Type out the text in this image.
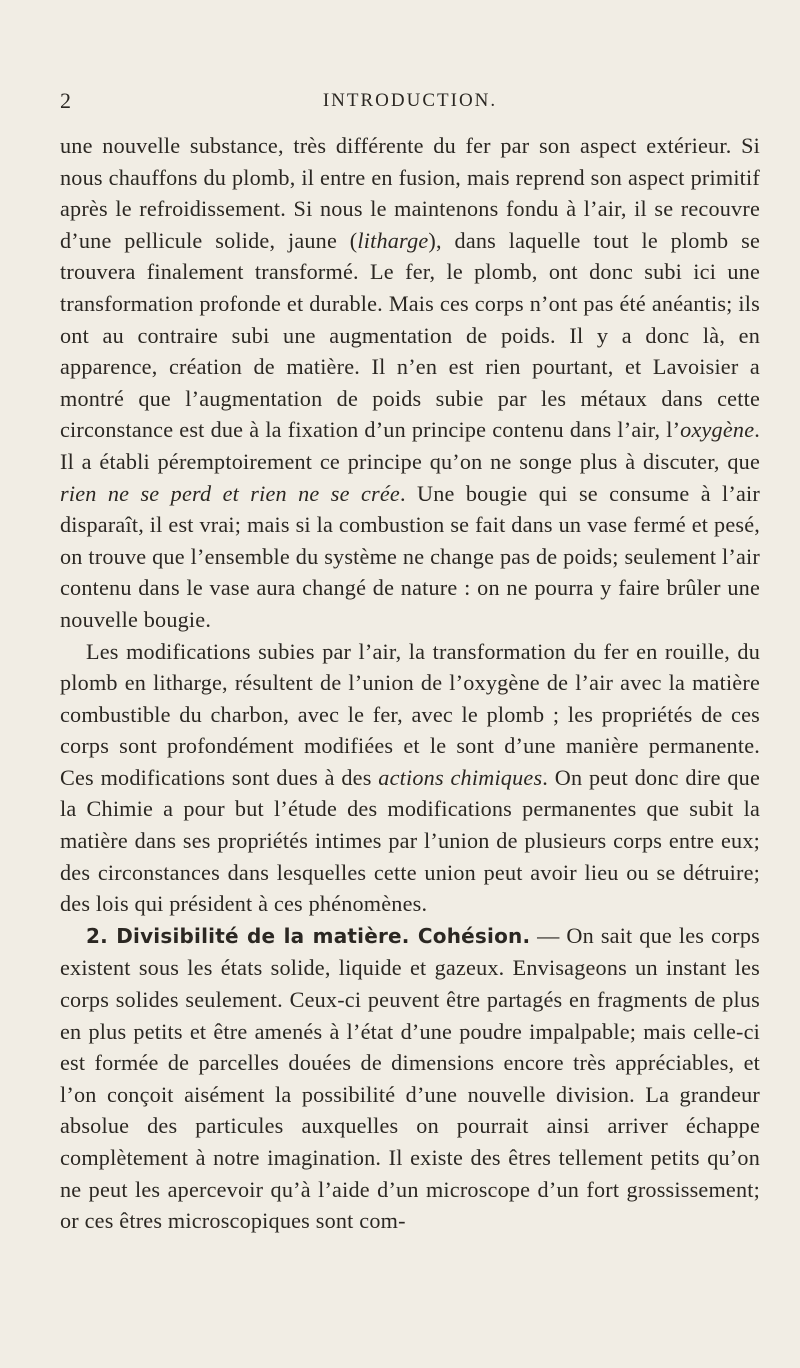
2	INTRODUCTION.

une nouvelle substance, très différente du fer par son aspect extérieur. Si nous chauffons du plomb, il entre en fusion, mais reprend son aspect primitif après le refroidissement. Si nous le maintenons fondu à l’air, il se recouvre d’une pellicule solide, jaune (litharge), dans laquelle tout le plomb se trouvera finalement transformé. Le fer, le plomb, ont donc subi ici une transformation profonde et durable. Mais ces corps n’ont pas été anéantis; ils ont au contraire subi une augmentation de poids. Il y a donc là, en apparence, création de matière. Il n’en est rien pourtant, et Lavoisier a montré que l’augmentation de poids subie par les métaux dans cette circonstance est due à la fixation d’un principe contenu dans l’air, l’oxygène. Il a établi péremptoirement ce principe qu’on ne songe plus à discuter, que rien ne se perd et rien ne se crée. Une bougie qui se consume à l’air disparaît, il est vrai; mais si la combustion se fait dans un vase fermé et pesé, on trouve que l’ensemble du système ne change pas de poids; seulement l’air contenu dans le vase aura changé de nature : on ne pourra y faire brûler une nouvelle bougie.

Les modifications subies par l’air, la transformation du fer en rouille, du plomb en litharge, résultent de l’union de l’oxygène de l’air avec la matière combustible du charbon, avec le fer, avec le plomb ; les propriétés de ces corps sont profondément modifiées et le sont d’une manière permanente. Ces modifications sont dues à des actions chimiques. On peut donc dire que la Chimie a pour but l’étude des modifications permanentes que subit la matière dans ses propriétés intimes par l’union de plusieurs corps entre eux; des circonstances dans lesquelles cette union peut avoir lieu ou se détruire; des lois qui président à ces phénomènes.

2. Divisibilité de la matière. Cohésion. — On sait que les corps existent sous les états solide, liquide et gazeux. Envisageons un instant les corps solides seulement. Ceux-ci peuvent être partagés en fragments de plus en plus petits et être amenés à l’état d’une poudre impalpable; mais celle-ci est formée de parcelles douées de dimensions encore très appréciables, et l’on conçoit aisément la possibilité d’une nouvelle division. La grandeur absolue des particules auxquelles on pourrait ainsi arriver échappe complètement à notre imagination. Il existe des êtres tellement petits qu’on ne peut les apercevoir qu’à l’aide d’un microscope d’un fort grossissement; or ces êtres microscopiques sont com-
